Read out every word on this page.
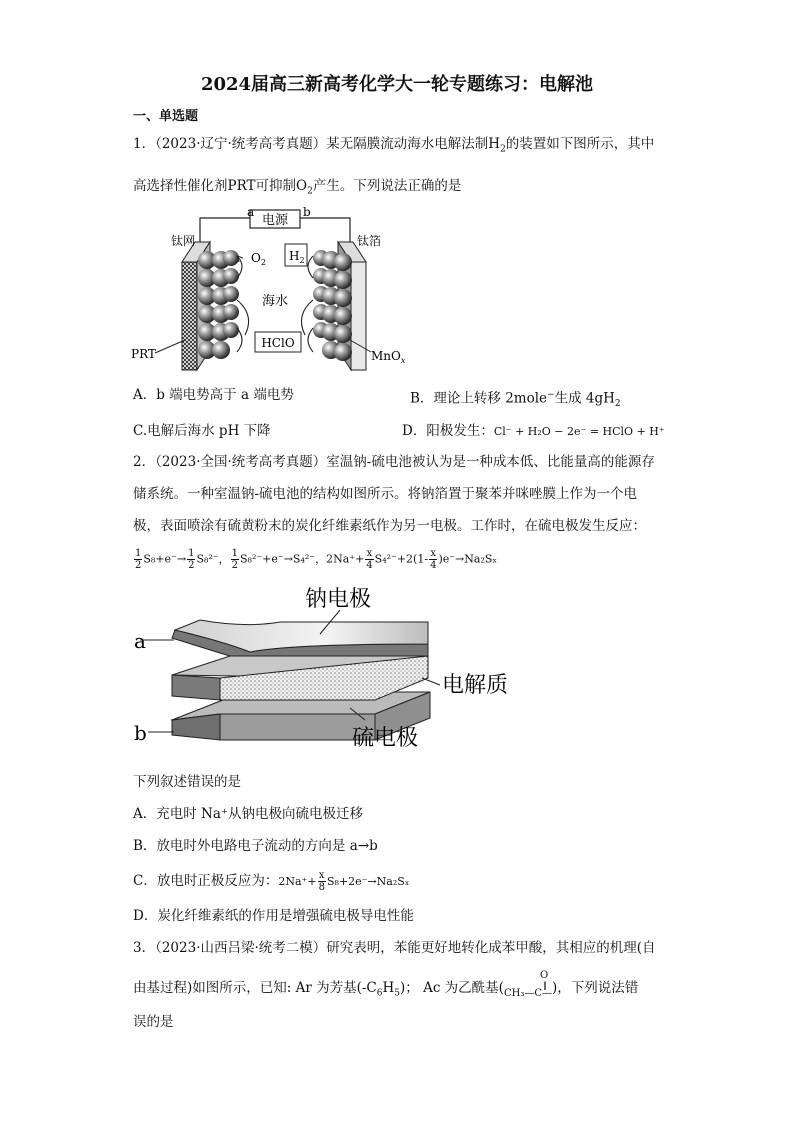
2024届高三新高考化学大一轮专题练习：电解池
一、单选题
1．（2023·辽宁·统考高考真题）某无隔膜流动海水电解法制$H_2$的装置如下图所示，其中
高选择性催化剂PRT可抑制$O_2$产生。下列说法正确的是
电源
a	b
$O_2$ $H_2$
海水
HClO
钛网	钛箔
PRT	MnO$_x$
A．b 端电势高于 a 端电势	B．理论上转移 2mole−生成 $4gH_2$
C.电解后海水 pH 下降	D．阳极发生：Cl⁻ + H₂O − 2e⁻ = HClO + H⁺
2．（2023·全国·统考高考真题）室温钠-硫电池被认为是一种成本低、比能量高的能源存
储系统。一种室温钠-硫电池的结构如图所示。将钠箔置于聚苯并咪唑膜上作为一个电
极，表面喷涂有硫黄粉末的炭化纤维素纸作为另一电极。工作时，在硫电极发生反应：
$\frac{1}{2} S_8+e^-\to \frac{1}{2} S_8^{2-}$， $\frac{1}{2} S_8^{2-}+e^-\to S_4^{2-}$，$2Na^++ \frac{x}{4} S_4^{2-}+2(1- \frac{x}{4} )e^-\to Na_2S_x$
钠电极
电解质
硫电极
a
b
下列叙述错误的是
A．充电时 Na⁺从钠电极向硫电极迁移
B．放电时外电路电子流动的方向是 a→b
C．放电时正极反应为：$2Na^++ \frac{x}{8} S_8+2e^-\to Na_2S_x$
D．炭化纤维素纸的作用是增强硫电极导电性能
3．（2023·山西吕梁·统考二模）研究表明，苯能更好地转化成苯甲酸，其相应的机理(自
由基过程)如图所示，已知: Ar 为芳基$(-C_6H_5)$； Ac 为乙酰基(
O
‖
CH₃—C—)，下列说法错
误的是
